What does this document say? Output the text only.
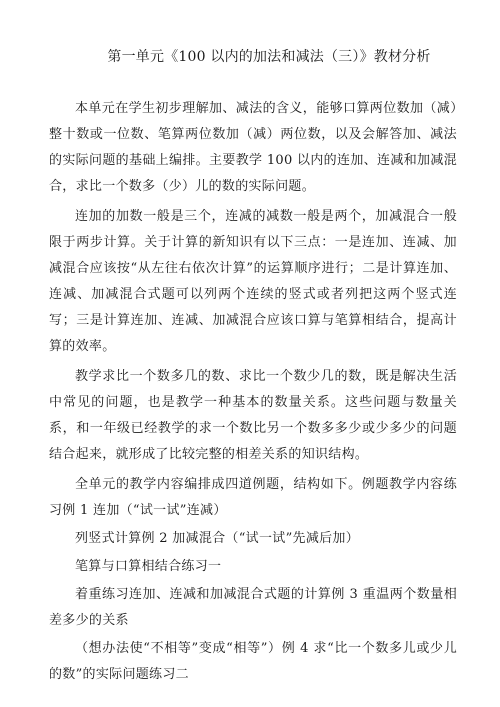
第一单元《100 以内的加法和减法（三）》教材分析

本单元在学生初步理解加、减法的含义，能够口算两位数加（减）整十数或一位数、笔算两位数加（减）两位数，以及会解答加、减法的实际问题的基础上编排。主要教学 100 以内的连加、连减和加减混合，求比一个数多（少）儿的数的实际问题。

连加的加数一般是三个，连减的减数一般是两个，加减混合一般限于两步计算。关于计算的新知识有以下三点：一是连加、连减、加减混合应该按“从左往右依次计算”的运算顺序进行；二是计算连加、连减、加减混合式题可以列两个连续的竖式或者列把这两个竖式连写；三是计算连加、连减、加减混合应该口算与笔算相结合，提高计算的效率。

教学求比一个数多几的数、求比一个数少几的数，既是解决生活中常见的问题，也是教学一种基本的数量关系。这些问题与数量关系，和一年级已经教学的求一个数比另一个数多多少或少多少的问题结合起来，就形成了比较完整的相差关系的知识结构。

全单元的教学内容编排成四道例题，结构如下。例题教学内容练习例 1 连加（“试一试”连减）

列竖式计算例 2 加减混合（“试一试”先减后加）

笔算与口算相结合练习一

着重练习连加、连减和加减混合式题的计算例 3 重温两个数量相差多少的关系

（想办法使“不相等”变成“相等”）例 4 求“比一个数多儿或少儿的数”的实际问题练习二
